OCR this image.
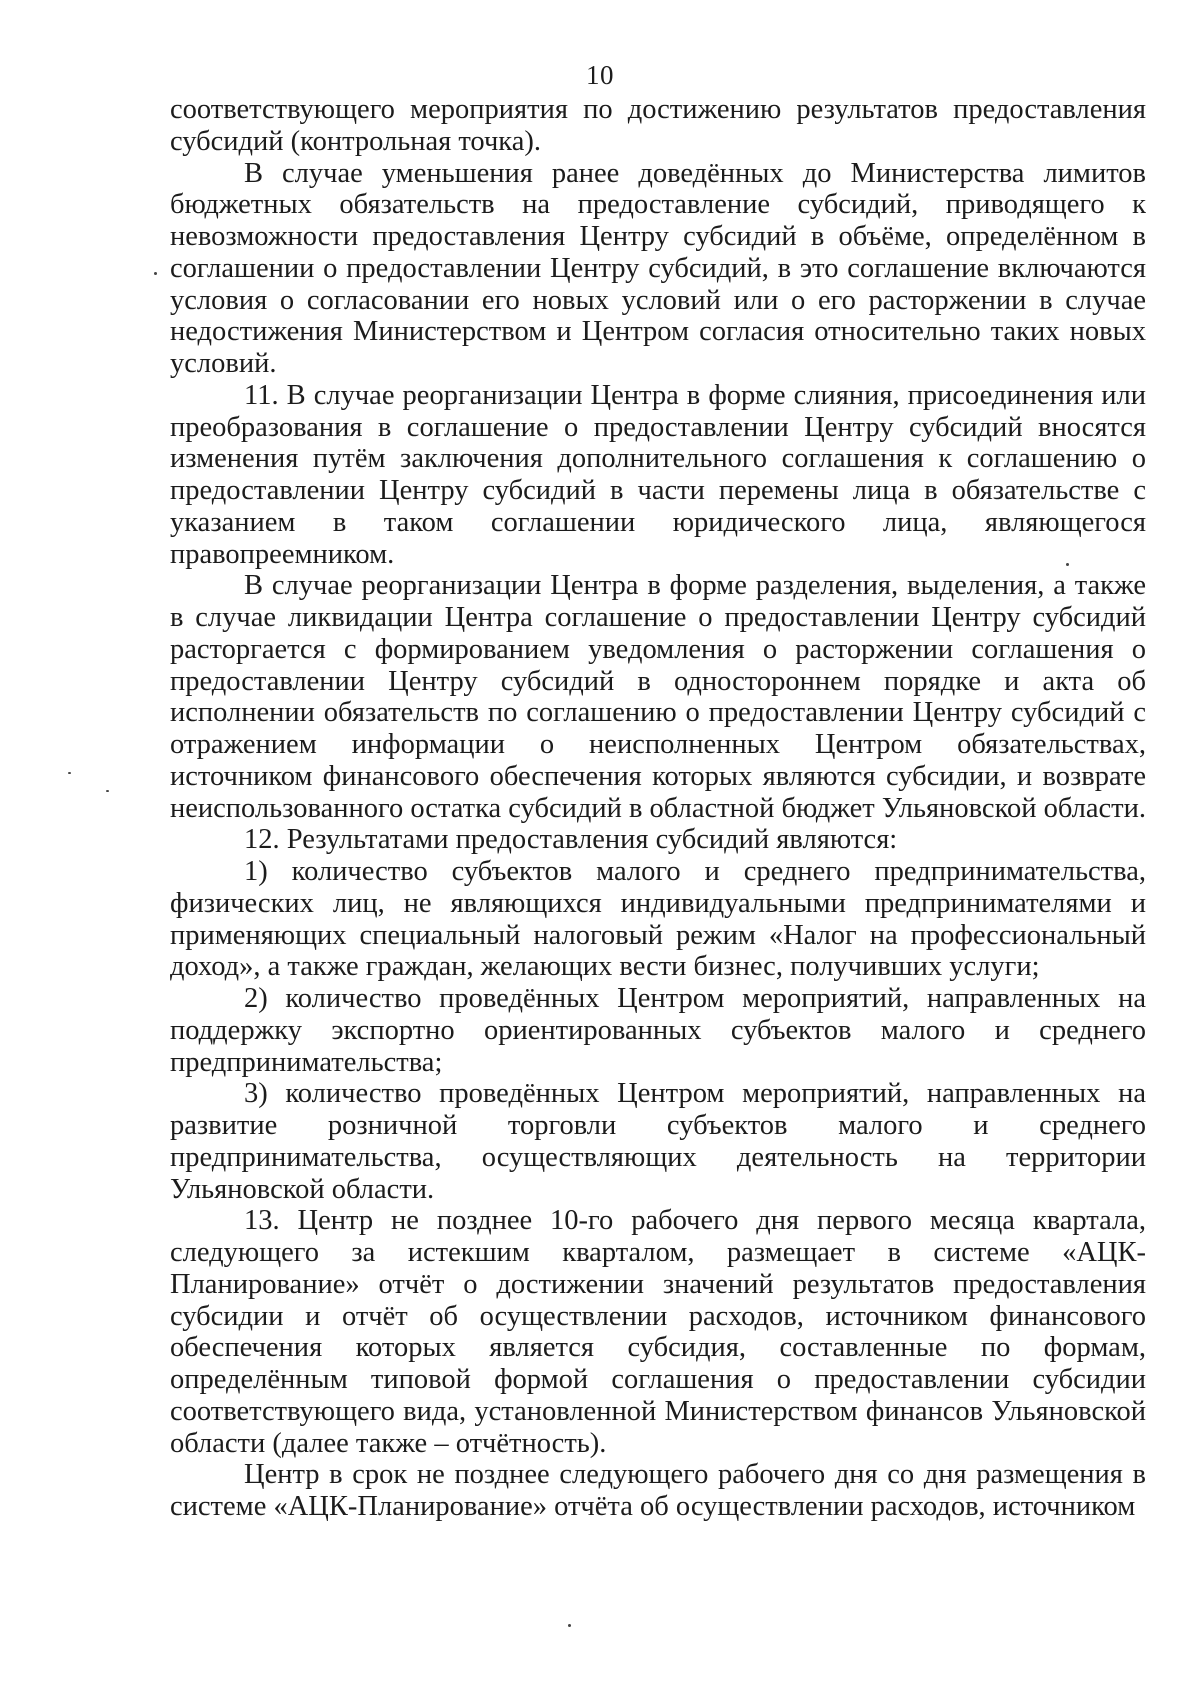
10

соответствующего мероприятия по достижению результатов предоставления субсидий (контрольная точка).

В случае уменьшения ранее доведённых до Министерства лимитов бюджетных обязательств на предоставление субсидий, приводящего к невозможности предоставления Центру субсидий в объёме, определённом в соглашении о предоставлении Центру субсидий, в это соглашение включаются условия о согласовании его новых условий или о его расторжении в случае недостижения Министерством и Центром согласия относительно таких новых условий.

11. В случае реорганизации Центра в форме слияния, присоединения или преобразования в соглашение о предоставлении Центру субсидий вносятся изменения путём заключения дополнительного соглашения к соглашению о предоставлении Центру субсидий в части перемены лица в обязательстве с указанием в таком соглашении юридического лица, являющегося правопреемником.

В случае реорганизации Центра в форме разделения, выделения, а также в случае ликвидации Центра соглашение о предоставлении Центру субсидий расторгается с формированием уведомления о расторжении соглашения о предоставлении Центру субсидий в одностороннем порядке и акта об исполнении обязательств по соглашению о предоставлении Центру субсидий с отражением информации о неисполненных Центром обязательствах, источником финансового обеспечения которых являются субсидии, и возврате неиспользованного остатка субсидий в областной бюджет Ульяновской области.

12. Результатами предоставления субсидий являются:

1) количество субъектов малого и среднего предпринимательства, физических лиц, не являющихся индивидуальными предпринимателями и применяющих специальный налоговый режим «Налог на профессиональный доход», а также граждан, желающих вести бизнес, получивших услуги;

2) количество проведённых Центром мероприятий, направленных на поддержку экспортно ориентированных субъектов малого и среднего предпринимательства;

3) количество проведённых Центром мероприятий, направленных на развитие розничной торговли субъектов малого и среднего предпринимательства, осуществляющих деятельность на территории Ульяновской области.

13. Центр не позднее 10-го рабочего дня первого месяца квартала, следующего за истекшим кварталом, размещает в системе «АЦК-Планирование» отчёт о достижении значений результатов предоставления субсидии и отчёт об осуществлении расходов, источником финансового обеспечения которых является субсидия, составленные по формам, определённым типовой формой соглашения о предоставлении субсидии соответствующего вида, установленной Министерством финансов Ульяновской области (далее также – отчётность).

Центр в срок не позднее следующего рабочего дня со дня размещения в системе «АЦК-Планирование» отчёта об осуществлении расходов, источником
